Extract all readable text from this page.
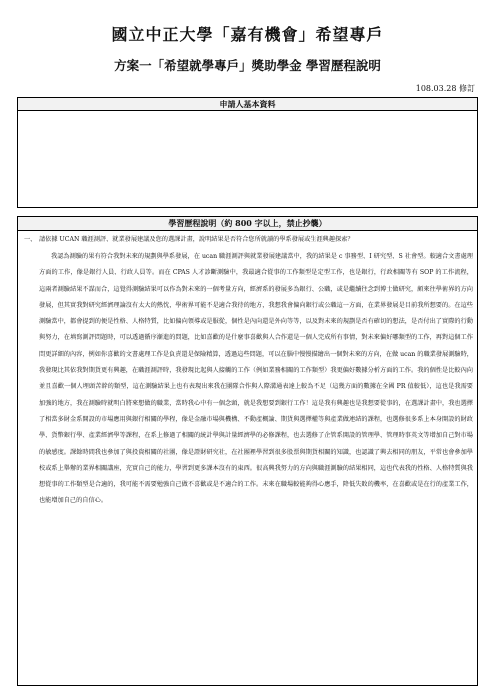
國立中正大學「嘉有機會」希望專戶
方案一「希望就學專戶」獎助學金 學習歷程說明
108.03.28 修訂
申請人基本資料
學習歷程說明（約 800 字以上，禁止抄襲）
一、 請依據 UCAN 職涯測評、就業發展建議及您的選課計畫，說明結果是否符合您所就讀的學系發展或生涯興趣探索？
我認為測驗的果有符合我對未來的規劃與學系發展，在 ucan 職涯測評與就業發展建議當中，我的結果是 c 事務型、I 研究型、S 社會型。較適合文書處理方面的工作，像是銀行人員、行政人員等。而在 CPAS 人才診斷測驗中，我最適合從事的工作類型是定型工作，也是銀行，行政相關等有 SOP 的工作流程，這兩者測驗結果不謀而合，這覺得測驗結果可以作為對未來的一個考量方向，經濟系的發展多為銀行、公職，或是繼續往念到博士做研究，頗來往學術界的方向發展，但其實我對研究經濟理論沒有太大的熱忱，學術界可能不是適合我待的地方，我想我會偏向銀行或公職這一方面，在業界發展是目前我所想要的。在這些測驗當中，都會提到的便是性格、人格特質，比如偏向領導或是服從，個性是內向還是外向等等，以及對未來的規劃是否有確切的想法，是否付出了實際的行動與努力，在填寫測評問題時，可以透過循序漸進的問題，比如喜歡的是什麼事喜歡與人合作還是一個人完成所有事情，對未來偏好哪類型的工作，再對這個工作問更詳細的內容，例如你喜歡的文書處理工作是負責還是保險精算，透過這些問題，可以在腦中慢慢描繪出一個對未來的方向，在做 ucan 的職業發展測驗時，我發現比其依我對期貨更有興趣，在職涯測評時，我發現比起與人接觸的工作（例如業務相關的工作類型）我更偏好數據分析方面的工作。我的個性是比較內向並且喜歡一個人埋頭苦幹的類型，這在測驗結果上也有表現出來我在團隊合作與人際溝通表達上較為不足（這幾方面的數據在全國 PR 值較低），這也是我需要加強的地方，我在測驗時就明白將來想做的職業，當時我心中有一個念頭，就是我想要到銀行工作！這是我有興趣也是我想要從事的，在選課計畫中，我也選擇了相當多財金系開設的市場應用與銀行相關的學程，像是金融市場與機構、不動產概論、期貨與選擇權等與產業做連結的課程，也選修很多系上本身開設的財政學、貨幣銀行學、產業經濟學等課程，在系上修過了相關的統計學與計量經濟學的必修課程，也去選修了企管系開設的管理學、管理時事英文等增加自己對市場的敏感度。課餘時間我也參加了與投資相關的社團，像是證財研究社，在社團裡學習到很多股票與期貨相關的知識，也認識了興去相同的朋友，平常也會參加學校或系上舉辦的業界相關講座，充實自己的能力，學習到更多課本沒有的東西。很高興我努力的方向與職涯測驗的結果相同，這也代表我的性格、人格特質與我想從事的工作類型是合適的，我可能不需要勉強自己做不喜歡或是不適合的工作。未來在職場較能夠得心應手，降低失敗的機率，在喜歡或是在行的產業工作，也能增加自己的自信心。
